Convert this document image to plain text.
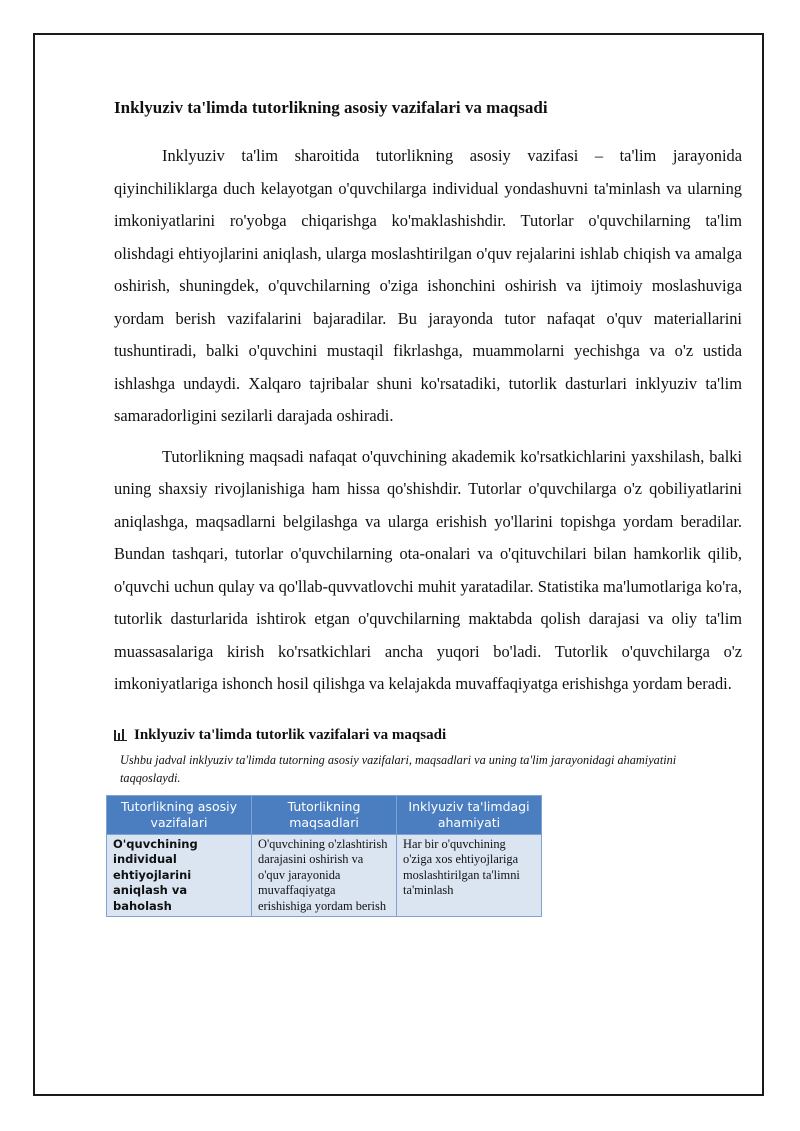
Inklyuziv ta'limda tutorlikning asosiy vazifalari va maqsadi

Inklyuziv ta'lim sharoitida tutorlikning asosiy vazifasi – ta'lim jarayonida qiyinchiliklarga duch kelayotgan o'quvchilarga individual yondashuvni ta'minlash va ularning imkoniyatlarini ro'yobga chiqarishga ko'maklashishdir. Tutorlar o'quvchilarning ta'lim olishdagi ehtiyojlarini aniqlash, ularga moslashtirilgan o'quv rejalarini ishlab chiqish va amalga oshirish, shuningdek, o'quvchilarning o'ziga ishonchini oshirish va ijtimoiy moslashuviga yordam berish vazifalarini bajaradilar. Bu jarayonda tutor nafaqat o'quv materiallarini tushuntiradi, balki o'quvchini mustaqil fikrlashga, muammolarni yechishga va o'z ustida ishlashga undaydi. Xalqaro tajribalar shuni ko'rsatadiki, tutorlik dasturlari inklyuziv ta'lim samaradorligini sezilarli darajada oshiradi.

Tutorlikning maqsadi nafaqat o'quvchining akademik ko'rsatkichlarini yaxshilash, balki uning shaxsiy rivojlanishiga ham hissa qo'shishdir. Tutorlar o'quvchilarga o'z qobiliyatlarini aniqlashga, maqsadlarni belgilashga va ularga erishish yo'llarini topishga yordam beradilar. Bundan tashqari, tutorlar o'quvchilarning ota-onalari va o'qituvchilari bilan hamkorlik qilib, o'quvchi uchun qulay va qo'llab-quvvatlovchi muhit yaratadilar. Statistika ma'lumotlariga ko'ra, tutorlik dasturlarida ishtirok etgan o'quvchilarning maktabda qolish darajasi va oliy ta'lim muassasalariga kirish ko'rsatkichlari ancha yuqori bo'ladi. Tutorlik o'quvchilarga o'z imkoniyatlariga ishonch hosil qilishga va kelajakda muvaffaqiyatga erishishga yordam beradi.

Inklyuziv ta'limda tutorlik vazifalari va maqsadi
Ushbu jadval inklyuziv ta'limda tutorning asosiy vazifalari, maqsadlari va uning ta'lim jarayonidagi ahamiyatini taqqoslaydi.
Tutorlikning asosiy vazifalari	Tutorlikning maqsadlari	Inklyuziv ta'limdagi ahamiyati
O'quvchining individual ehtiyojlarini aniqlash va baholash	O'quvchining o'zlashtirish darajasini oshirish va o'quv jarayonida muvaffaqiyatga erishishiga yordam berish	Har bir o'quvchining o'ziga xos ehtiyojlariga moslashtirilgan ta'limni ta'minlash
